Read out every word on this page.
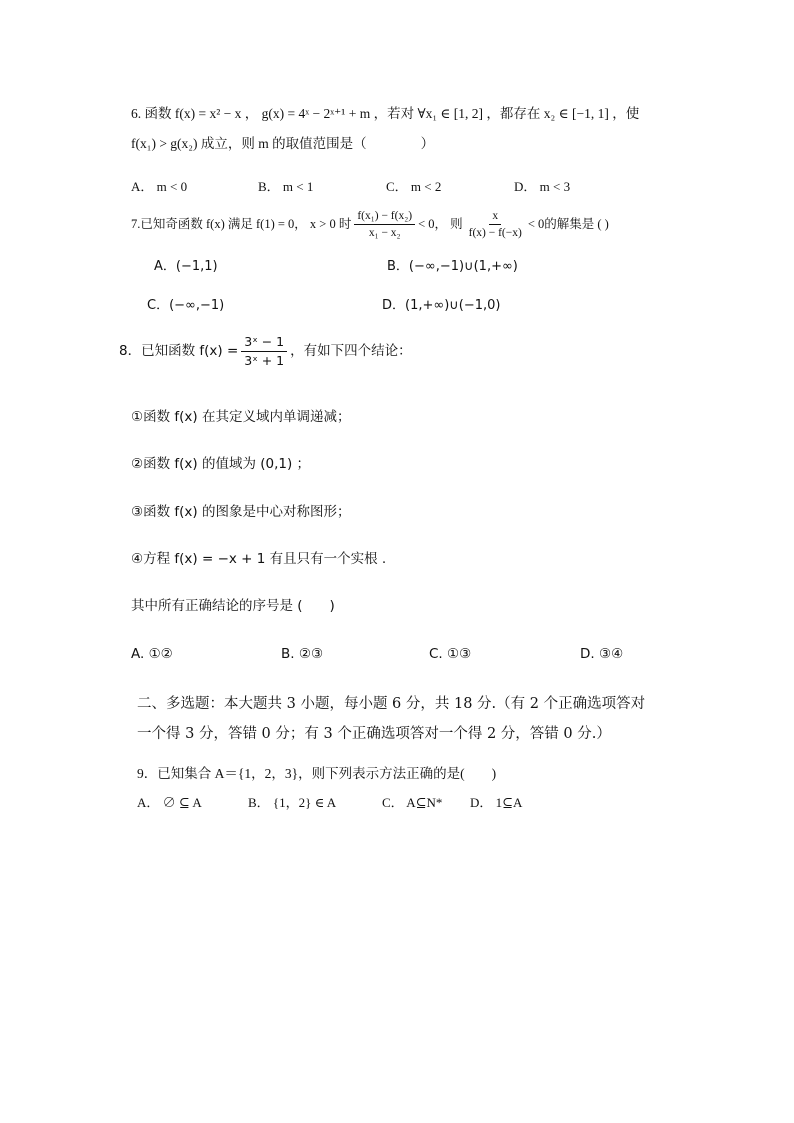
6. 函数 f(x) = x² − x ， g(x) = 4ˣ − 2ˣ⁺¹ + m ，若对 ∀x₁ ∈ [1, 2] ，都存在 x₂ ∈ [−1, 1] ，使
f(x₁) > g(x₂) 成立，则 m 的取值范围是（　　　　）
A． m < 0	B． m < 1	C． m < 2	D． m < 3
7.已知奇函数 f(x) 满足 f(1) = 0， x > 0 时 $\frac{\text{f(x₁) − f(x₂)}}{\text{x₁ − x₂}} < 0$， 则 $\frac{x}{f(x) - f(-x)} < 0$的解集是 ( )
A．(−1,1)	B．(−∞,−1)∪(1,+∞)
C．(−∞,−1)	D．(1,+∞)∪(−1,0)
8．已知函数 $f(x) = \frac{\text{3ˣ − 1}}{\text{3ˣ + 1}}$ ，有如下四个结论：
①函数 f(x) 在其定义域内单调递减；
②函数 f(x) 的值域为 (0,1) ；
③函数 f(x) 的图象是中心对称图形；
④方程 f(x) = −x + 1 有且只有一个实根 .
其中所有正确结论的序号是 (　　)
A. ①②	B. ②③	C. ①③	D. ③④
二、多选题：本大题共 3 小题，每小题 6 分，共 18 分.（有 2 个正确选项答对
一个得 3 分，答错 0 分；有 3 个正确选项答对一个得 2 分，答错 0 分.）
9．已知集合 A＝{1，2，3}，则下列表示方法正确的是(　　)
A． ∅ ⊆ A	B． {1，2} ∈ A	C． A⊆N* D． 1⊆A
